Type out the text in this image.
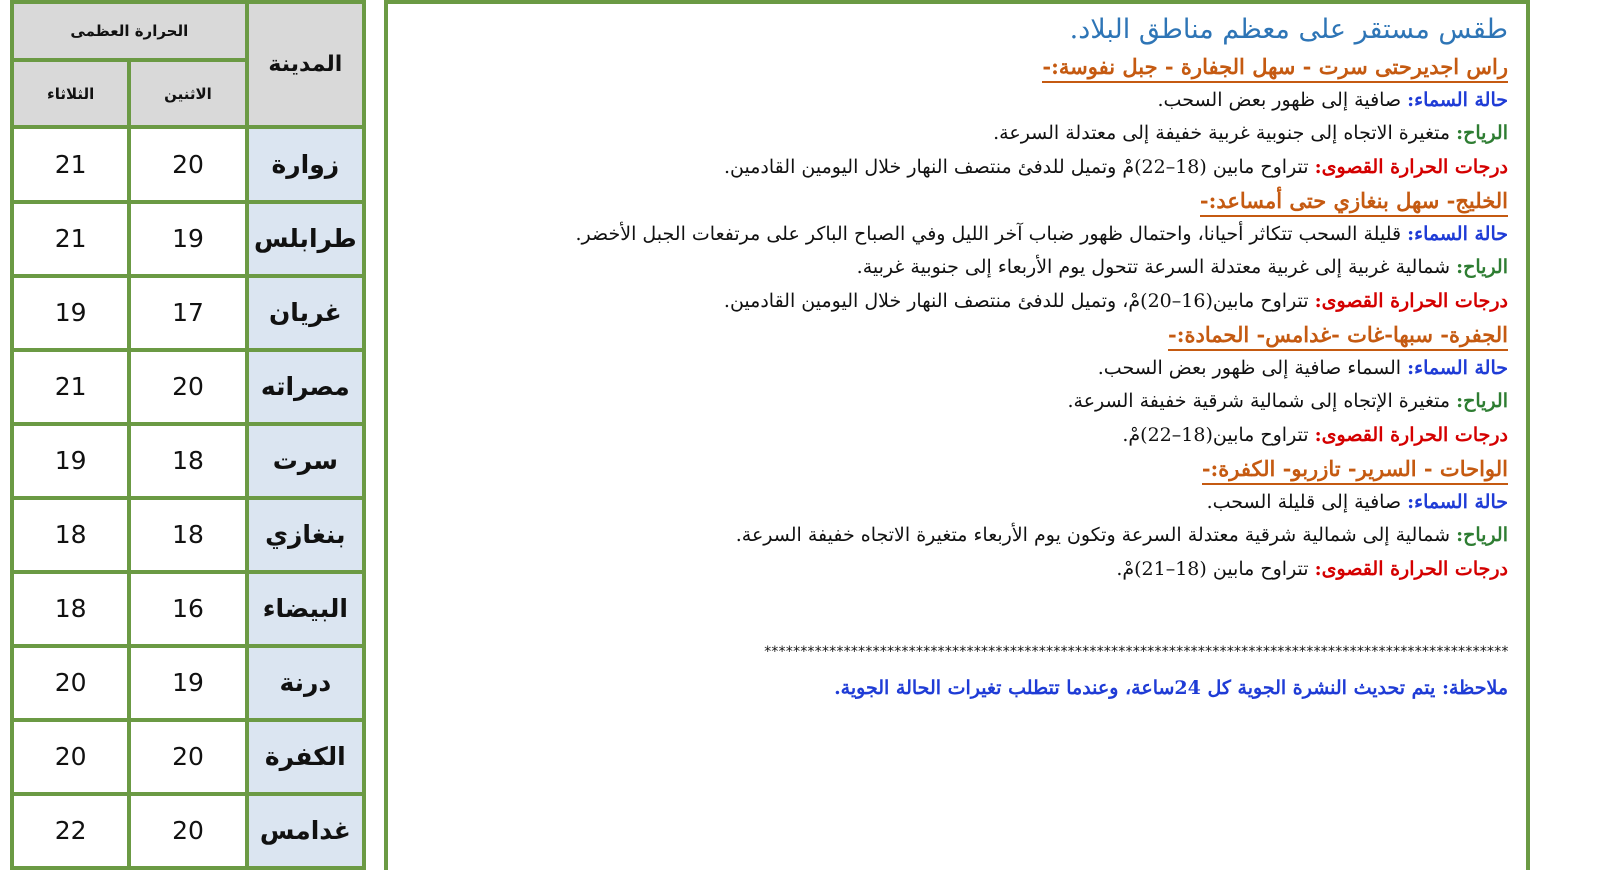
الحرارة العظمى		المدينة
الثلاثاء	الاثنين	
21	20	زوارة
21	19	طرابلس
19	17	غريان
21	20	مصراته
19	18	سرت
18	18	بنغازي
18	16	البيضاء
20	19	درنة
20	20	الكفرة
22	20	غدامس
طقس مستقر على معظم مناطق البلاد.
راس اجديرحتى سرت - سهل الجفارة - جبل نفوسة:-
حالة السماء: صافية إلى ظهور بعض السحب.
الرياح: متغيرة الاتجاه إلى جنوبية غربية خفيفة إلى معتدلة السرعة.
درجات الحرارة القصوى: تتراوح مابين (18–22)مْ وتميل للدفئ منتصف النهار خلال اليومين القادمين.
الخليج- سهل بنغازي حتى أمساعد:-
حالة السماء: قليلة السحب تتكاثر أحيانا، واحتمال ظهور ضباب آخر الليل وفي الصباح الباكر على مرتفعات الجبل الأخضر.
الرياح: شمالية غربية إلى غربية معتدلة السرعة تتحول يوم الأربعاء إلى جنوبية غربية.
درجات الحرارة القصوى: تتراوح مابين(16–20)مْ، وتميل للدفئ منتصف النهار خلال اليومين القادمين.
الجفرة- سبها-غات -غدامس- الحمادة:-
حالة السماء: السماء صافية إلى ظهور بعض السحب.
الرياح: متغيرة الإتجاه إلى شمالية شرقية خفيفة السرعة.
درجات الحرارة القصوى: تتراوح مابين(18–22)مْ.
الواحات - السرير- تازربو- الكفرة:-
حالة السماء: صافية إلى قليلة السحب.
الرياح: شمالية إلى شمالية شرقية معتدلة السرعة وتكون يوم الأربعاء متغيرة الاتجاه خفيفة السرعة.
درجات الحرارة القصوى: تتراوح مابين (18–21)مْ.
*******************************************************************************************************
ملاحظة: يتم تحديث النشرة الجوية كل 24ساعة، وعندما تتطلب تغيرات الحالة الجوية.
